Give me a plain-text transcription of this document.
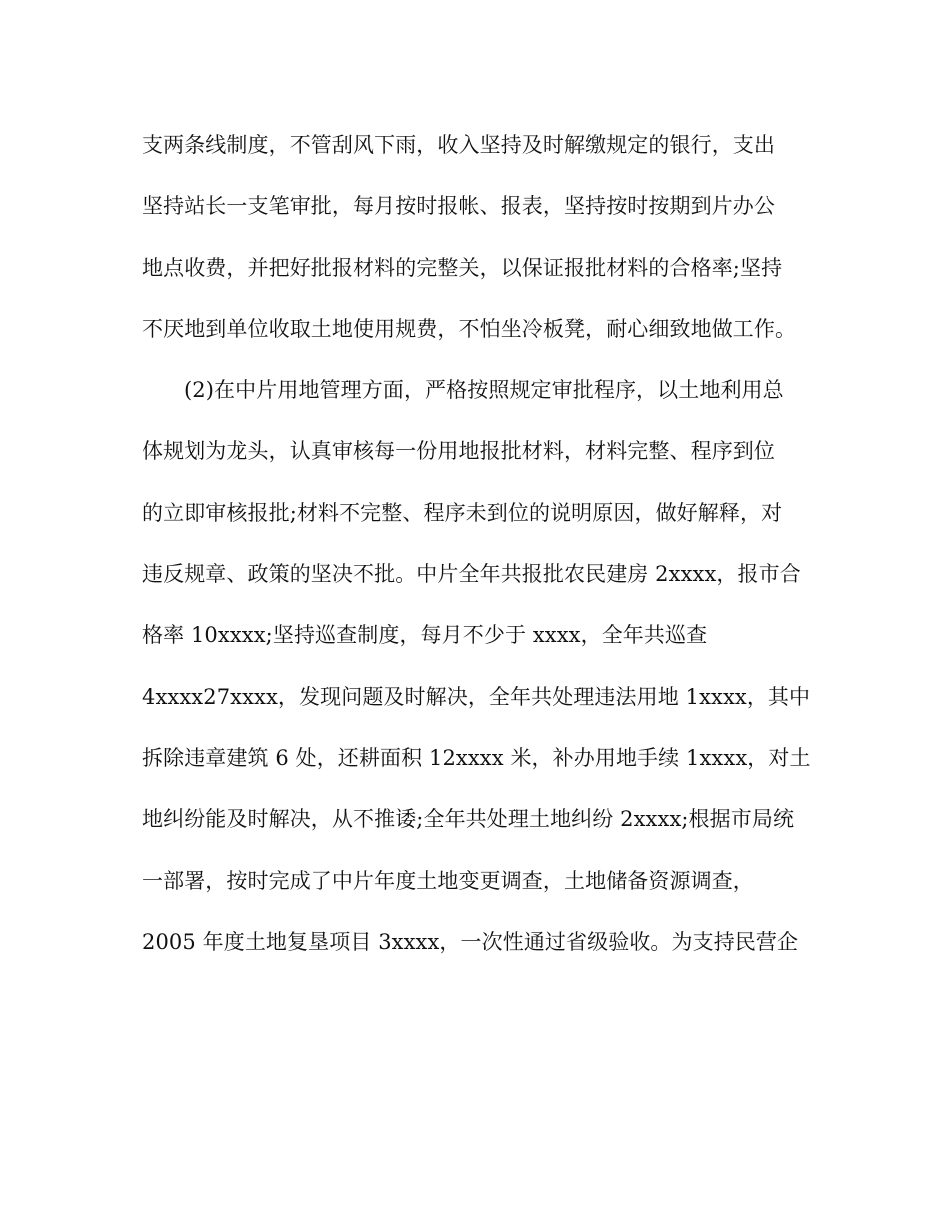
支两条线制度，不管刮风下雨，收入坚持及时解缴规定的银行，支出
坚持站长一支笔审批，每月按时报帐、报表，坚持按时按期到片办公
地点收费，并把好批报材料的完整关，以保证报批材料的合格率;坚持
不厌地到单位收取土地使用规费，不怕坐冷板凳，耐心细致地做工作。
(2)在中片用地管理方面，严格按照规定审批程序，以土地利用总
体规划为龙头，认真审核每一份用地报批材料，材料完整、程序到位
的立即审核报批;材料不完整、程序未到位的说明原因，做好解释，对
违反规章、政策的坚决不批。中片全年共报批农民建房 2xxxx，报市合
格率 10xxxx;坚持巡查制度，每月不少于 xxxx，全年共巡查
4xxxx27xxxx，发现问题及时解决，全年共处理违法用地 1xxxx，其中
拆除违章建筑 6 处，还耕面积 12xxxx 米，补办用地手续 1xxxx，对土
地纠纷能及时解决，从不推诿;全年共处理土地纠纷 2xxxx;根据市局统
一部署，按时完成了中片年度土地变更调查，土地储备资源调查，
2005 年度土地复垦项目 3xxxx，一次性通过省级验收。为支持民营企
